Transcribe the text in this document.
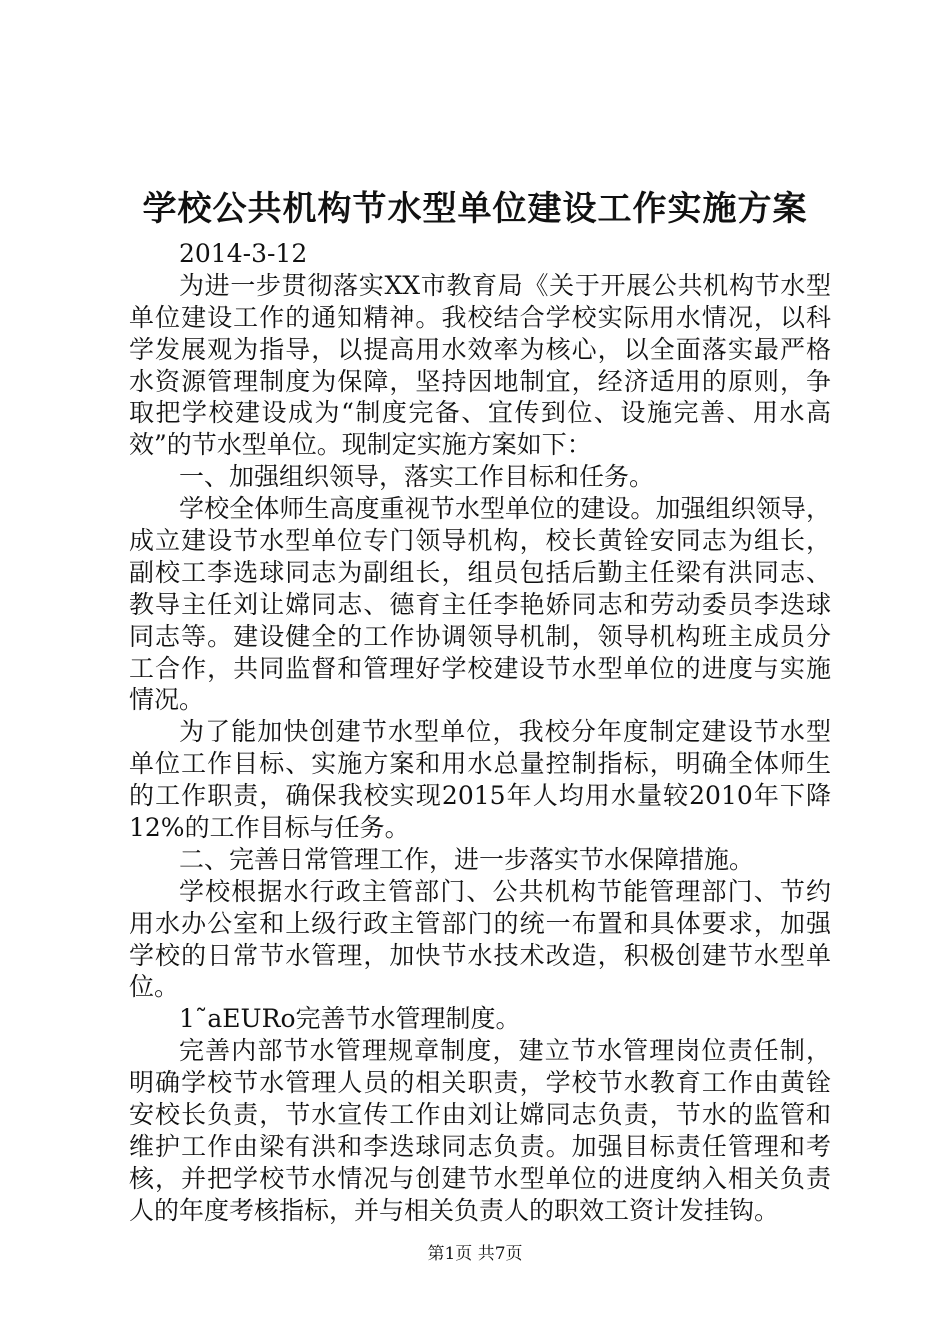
学校公共机构节水型单位建设工作实施方案
2014-3-12
为进一步贯彻落实XX市教育局《关于开展公共机构节水型
单位建设工作的通知精神。我校结合学校实际用水情况，以科
学发展观为指导，以提高用水效率为核心，以全面落实最严格
水资源管理制度为保障，坚持因地制宜，经济适用的原则，争
取把学校建设成为“制度完备、宜传到位、设施完善、用水高
效”的节水型单位。现制定实施方案如下：
一、加强组织领导，落实工作目标和任务。
学校全体师生高度重视节水型单位的建设。加强组织领导，
成立建设节水型单位专门领导机构，校长黄铨安同志为组长，
副校工李选球同志为副组长，组员包括后勤主任梁有洪同志、
教导主任刘让嫦同志、德育主任李艳娇同志和劳动委员李迭球
同志等。建设健全的工作协调领导机制，领导机构班主成员分
工合作，共同监督和管理好学校建设节水型单位的进度与实施
情况。
为了能加快创建节水型单位，我校分年度制定建设节水型
单位工作目标、实施方案和用水总量控制指标，明确全体师生
的工作职责，确保我校实现2015年人均用水量较2010年下降
12%的工作目标与任务。
二、完善日常管理工作，进一步落实节水保障措施。
学校根据水行政主管部门、公共机构节能管理部门、节约
用水办公室和上级行政主管部门的统一布置和具体要求，加强
学校的日常节水管理，加快节水技术改造，积极创建节水型单
位。
1˜aEURo完善节水管理制度。
完善内部节水管理规章制度，建立节水管理岗位责任制，
明确学校节水管理人员的相关职责，学校节水教育工作由黄铨
安校长负责，节水宣传工作由刘让嫦同志负责，节水的监管和
维护工作由梁有洪和李迭球同志负责。加强目标责任管理和考
核，并把学校节水情况与创建节水型单位的进度纳入相关负责
人的年度考核指标，并与相关负责人的职效工资计发挂钩。
第1页 共7页
